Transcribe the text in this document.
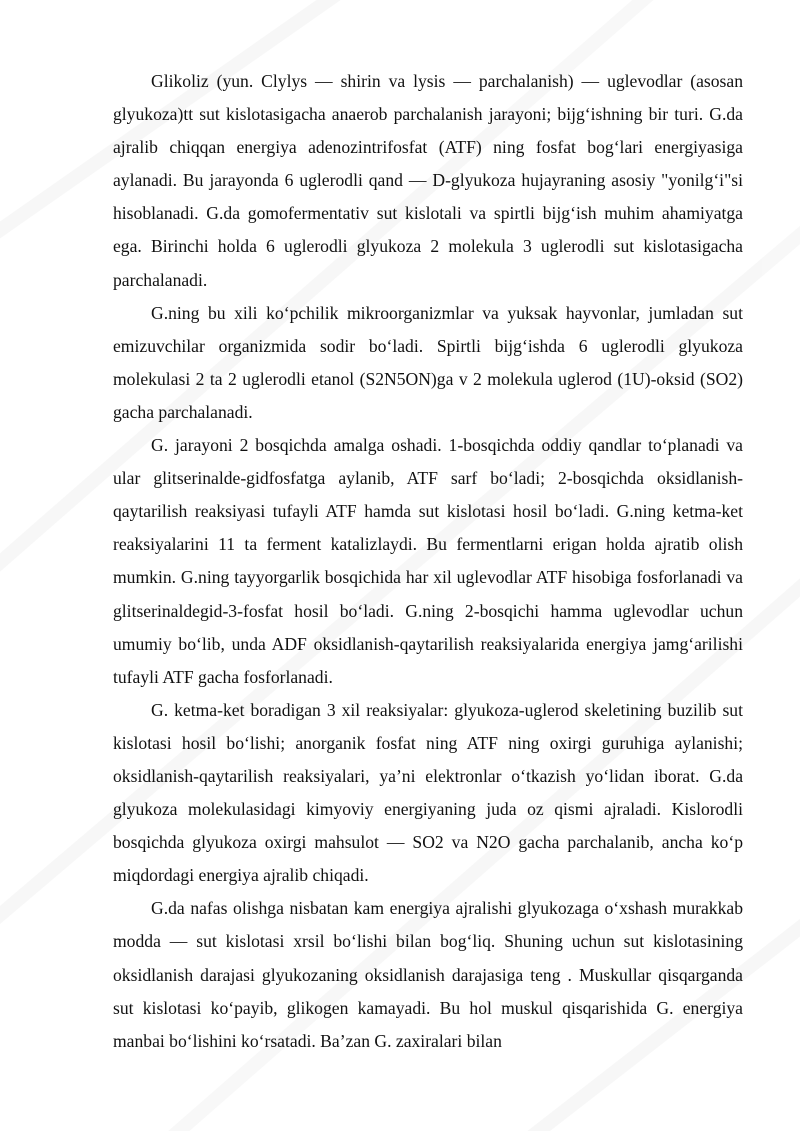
Glikoliz (yun. Clylys — shirin va lysis — parchalanish) — uglevodlar (asosan glyukoza)tt sut kislotasigacha anaerob parchalanish jarayoni; bijg‘ishning bir turi. G.da ajralib chiqqan energiya adenozintrifosfat (ATF) ning fosfat bog‘lari energiyasiga aylanadi. Bu jarayonda 6 uglerodli qand — D-glyukoza hujayraning asosiy "yonilg‘i"si hisoblanadi. G.da gomofermentativ sut kislotali va spirtli bijg‘ish muhim ahamiyatga ega. Birinchi holda 6 uglerodli glyukoza 2 molekula 3 uglerodli sut kislotasigacha parchalanadi.

G.ning bu xili ko‘pchilik mikroorganizmlar va yuksak hayvonlar, jumladan sut emizuvchilar organizmida sodir bo‘ladi. Spirtli bijg‘ishda 6 uglerodli glyukoza molekulasi 2 ta 2 uglerodli etanol (S2N5ON)ga v 2 molekula uglerod (1U)-oksid (SO2) gacha parchalanadi.

G. jarayoni 2 bosqichda amalga oshadi. 1-bosqichda oddiy qandlar to‘planadi va ular glitserinalde-gidfosfatga aylanib, ATF sarf bo‘ladi; 2-bosqichda oksidlanish-qaytarilish reaksiyasi tufayli ATF hamda sut kislotasi hosil bo‘ladi. G.ning ketma-ket reaksiyalarini 11 ta ferment katalizlaydi. Bu fermentlarni erigan holda ajratib olish mumkin. G.ning tayyorgarlik bosqichida har xil uglevodlar ATF hisobiga fosforlanadi va glitserinaldegid-3-fosfat hosil bo‘ladi. G.ning 2-bosqichi hamma uglevodlar uchun umumiy bo‘lib, unda ADF oksidlanish-qaytarilish reaksiyalarida energiya jamg‘arilishi tufayli ATF gacha fosforlanadi.

G. ketma-ket boradigan 3 xil reaksiyalar: glyukoza-uglerod skeletining buzilib sut kislotasi hosil bo‘lishi; anorganik fosfat ning ATF ning oxirgi guruhiga aylanishi; oksidlanish-qaytarilish reaksiyalari, ya’ni elektronlar o‘tkazish yo‘lidan iborat. G.da glyukoza molekulasidagi kimyoviy energiyaning juda oz qismi ajraladi. Kislorodli bosqichda glyukoza oxirgi mahsulot — SO2 va N2O gacha parchalanib, ancha ko‘p miqdordagi energiya ajralib chiqadi.

G.da nafas olishga nisbatan kam energiya ajralishi glyukozaga o‘xshash murakkab modda — sut kislotasi xrsil bo‘lishi bilan bog‘liq. Shuning uchun sut kislotasining oksidlanish darajasi glyukozaning oksidlanish darajasiga teng . Muskullar qisqarganda sut kislotasi ko‘payib, glikogen kamayadi. Bu hol muskul qisqarishida G. energiya manbai bo‘lishini ko‘rsatadi. Ba’zan G. zaxiralari bilan
